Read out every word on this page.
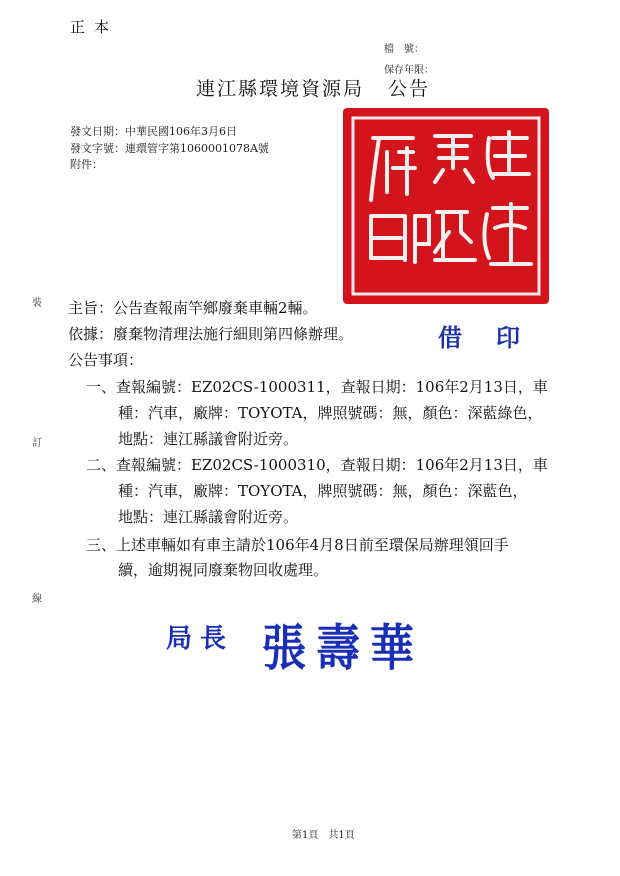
正本
檔　號：
保存年限：
連江縣環境資源局 公告
發文日期：中華民國106年3月6日
發文字號：連環管字第1060001078A號
附件：
裝
訂
線
主旨：公告查報南竿鄉廢棄車輛2輛。
依據：廢棄物清理法施行細則第四條辦理。	借印
公告事項：
一、查報編號：EZ02CS-1000311，查報日期：106年2月13日，車
種：汽車，廠牌：TOYOTA，牌照號碼：無，顏色：深藍綠色，
地點：連江縣議會附近旁。
二、查報編號：EZ02CS-1000310，查報日期：106年2月13日，車
種：汽車，廠牌：TOYOTA，牌照號碼：無，顏色：深藍色，
地點：連江縣議會附近旁。
三、上述車輛如有車主請於106年4月8日前至環保局辦理領回手
續，逾期視同廢棄物回收處理。
局長 張壽華
第1頁　共1頁
